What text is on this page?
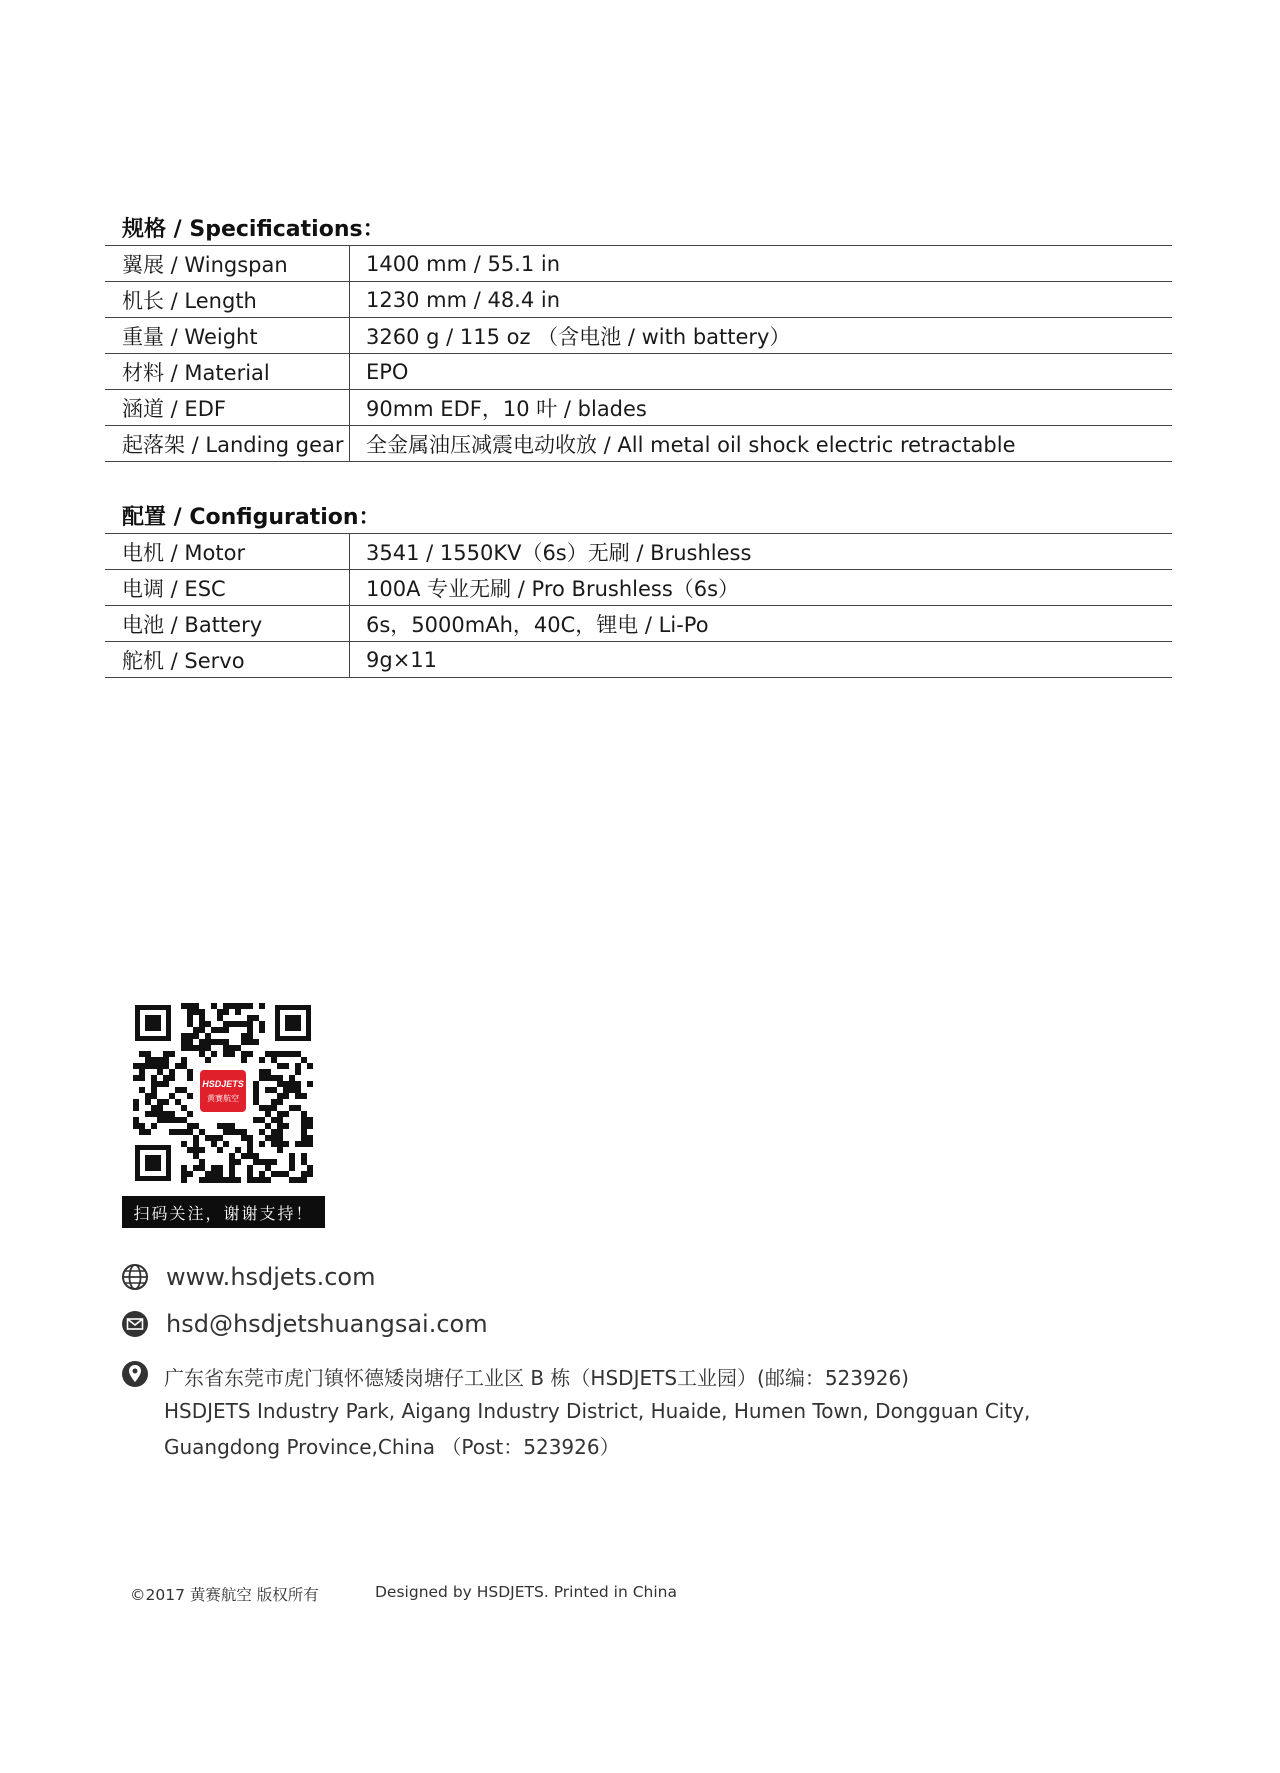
规格 / Specifications：
翼展 / Wingspan	1400 mm / 55.1 in
机长 / Length	1230 mm / 48.4 in
重量 / Weight	3260 g / 115 oz （含电池 / with battery）
材料 / Material	EPO
涵道 / EDF	90mm EDF，10 叶 / blades
起落架 / Landing gear	全金属油压减震电动收放 / All metal oil shock electric retractable
配置 / Configuration：
电机 / Motor	3541 / 1550KV（6s）无刷 / Brushless
电调 / ESC	100A 专业无刷 / Pro Brushless（6s）
电池 / Battery	6s，5000mAh，40C，锂电 / Li-Po
舵机 / Servo	9g×11
HSDJETS
黄赛航空
扫码关注，谢谢支持！
www.hsdjets.com
hsd@hsdjetshuangsai.com
广东省东莞市虎门镇怀德矮岗塘仔工业区 B 栋（HSDJETS工业园）(邮编：523926)
HSDJETS Industry Park, Aigang Industry District, Huaide, Humen Town, Dongguan City,
Guangdong Province,China （Post：523926）
©2017 黄赛航空 版权所有	Designed by HSDJETS. Printed in China
